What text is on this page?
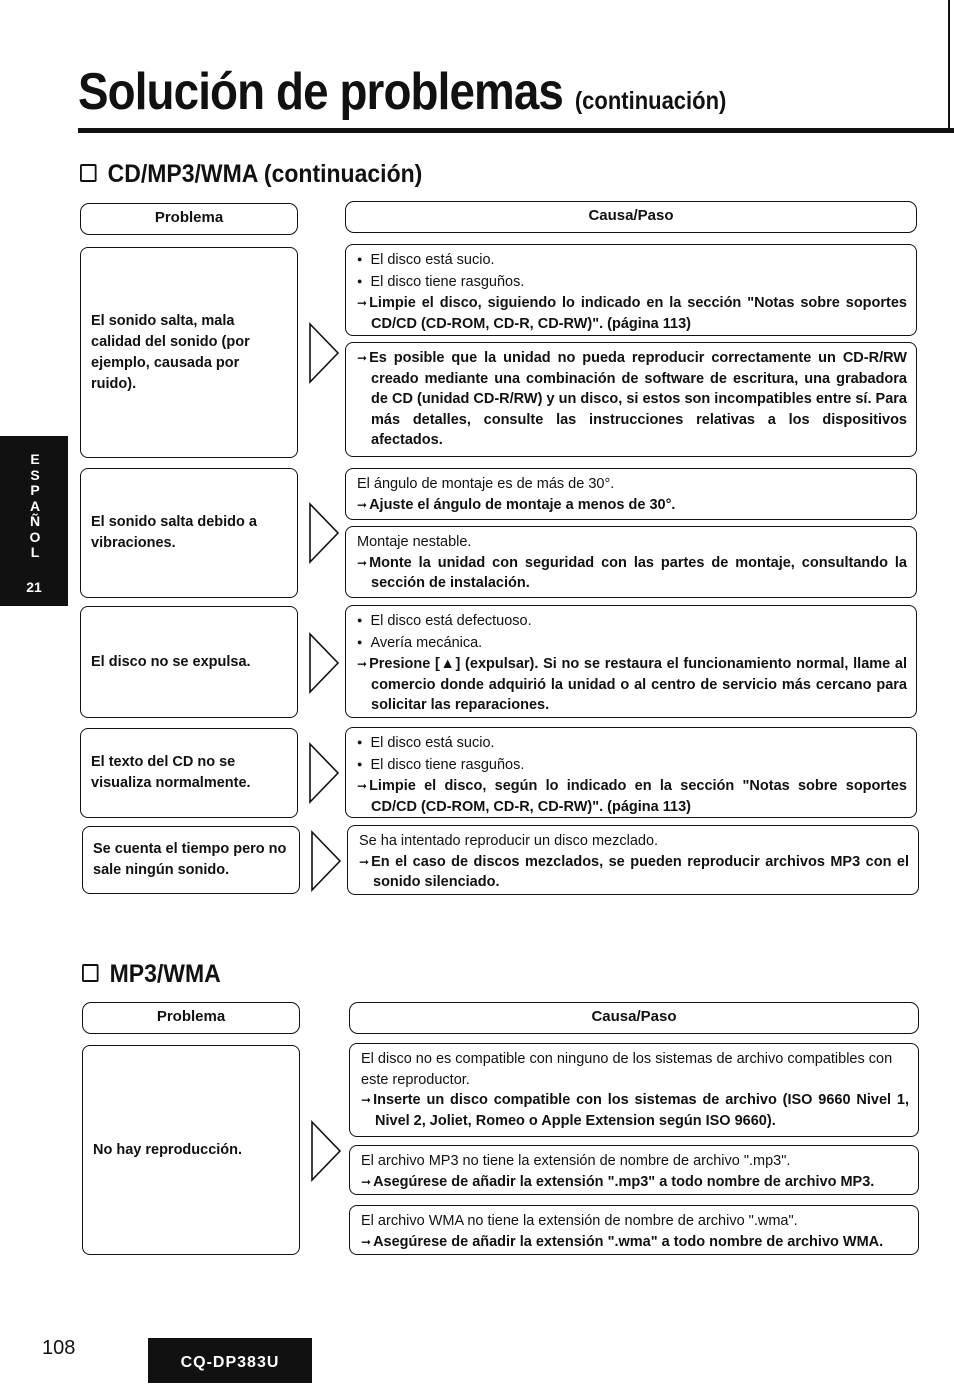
Solución de problemas (continuación)
E
S
P
A
Ñ
O
L
21
CD/MP3/WMA (continuación)
Problema	Causa/Paso
El sonido salta, mala calidad del sonido (por ejemplo, causada por ruido).
● El disco está sucio.
● El disco tiene rasguños.
➞ Limpie el disco, siguiendo lo indicado en la sección "Notas sobre soportes CD/CD (CD-ROM, CD-R, CD-RW)". (página 113)
➞ Es posible que la unidad no pueda reproducir correctamente un CD-R/RW creado mediante una combinación de software de escritura, una grabadora de CD (unidad CD-R/RW) y un disco, si estos son incompatibles entre sí. Para más detalles, consulte las instrucciones relativas a los dispositivos afectados.
El sonido salta debido a vibraciones.
El ángulo de montaje es de más de 30°.
➞ Ajuste el ángulo de montaje a menos de 30°.
Montaje nestable.
➞ Monte la unidad con seguridad con las partes de montaje, consultando la sección de instalación.
El disco no se expulsa.
● El disco está defectuoso.
● Avería mecánica.
➞ Presione [▲] (expulsar). Si no se restaura el funcionamiento normal, llame al comercio donde adquirió la unidad o al centro de servicio más cercano para solicitar las reparaciones.
El texto del CD no se visualiza normalmente.
● El disco está sucio.
● El disco tiene rasguños.
➞ Limpie el disco, según lo indicado en la sección "Notas sobre soportes CD/CD (CD-ROM, CD-R, CD-RW)". (página 113)
Se cuenta el tiempo pero no sale ningún sonido.
Se ha intentado reproducir un disco mezclado.
➞ En el caso de discos mezclados, se pueden reproducir archivos MP3 con el sonido silenciado.
MP3/WMA
Problema	Causa/Paso
No hay reproducción.
El disco no es compatible con ninguno de los sistemas de archivo compatibles con este reproductor.
➞ Inserte un disco compatible con los sistemas de archivo (ISO 9660 Nivel 1, Nivel 2, Joliet, Romeo o Apple Extension según ISO 9660).
El archivo MP3 no tiene la extensión de nombre de archivo ".mp3".
➞ Asegúrese de añadir la extensión ".mp3" a todo nombre de archivo MP3.
El archivo WMA no tiene la extensión de nombre de archivo ".wma".
➞ Asegúrese de añadir la extensión ".wma" a todo nombre de archivo WMA.
108
CQ-DP383U
